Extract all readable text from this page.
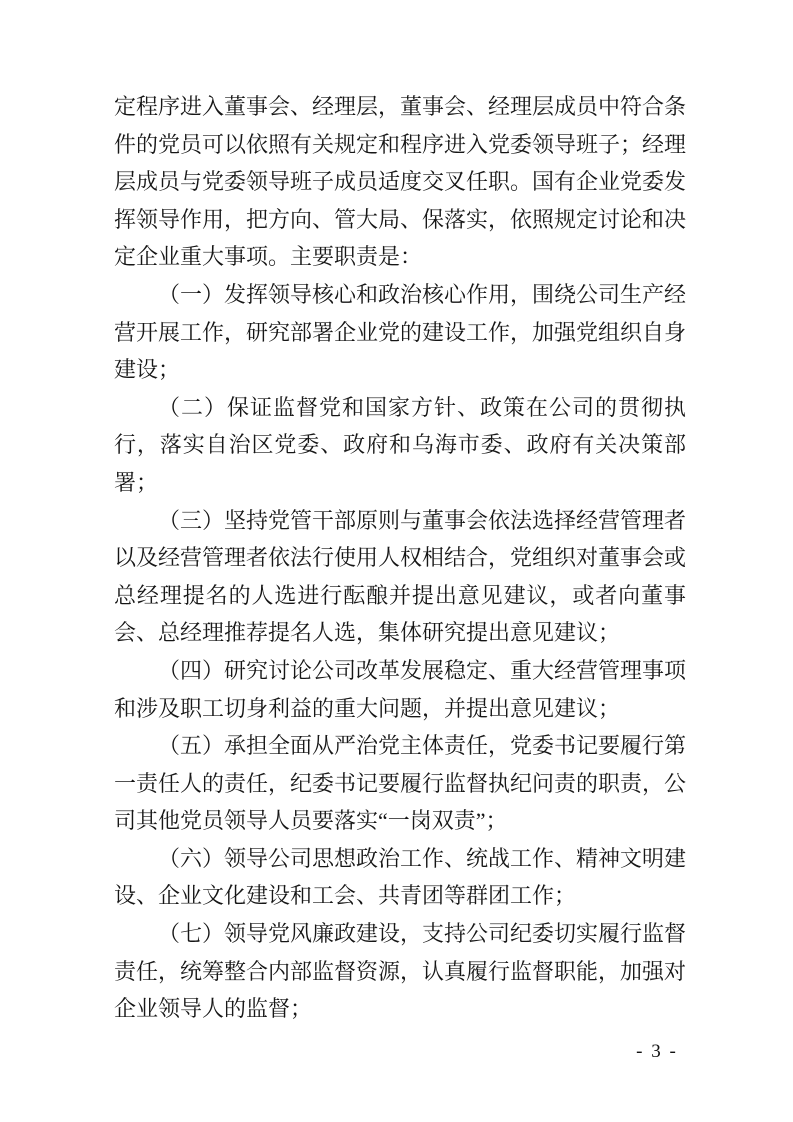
定程序进入董事会、经理层，董事会、经理层成员中符合条件的党员可以依照有关规定和程序进入党委领导班子；经理层成员与党委领导班子成员适度交叉任职。国有企业党委发挥领导作用，把方向、管大局、保落实，依照规定讨论和决定企业重大事项。主要职责是：

（一）发挥领导核心和政治核心作用，围绕公司生产经营开展工作，研究部署企业党的建设工作，加强党组织自身建设；

（二）保证监督党和国家方针、政策在公司的贯彻执行，落实自治区党委、政府和乌海市委、政府有关决策部署；

（三）坚持党管干部原则与董事会依法选择经营管理者以及经营管理者依法行使用人权相结合，党组织对董事会或总经理提名的人选进行酝酿并提出意见建议，或者向董事会、总经理推荐提名人选，集体研究提出意见建议；

（四）研究讨论公司改革发展稳定、重大经营管理事项和涉及职工切身利益的重大问题，并提出意见建议；

（五）承担全面从严治党主体责任，党委书记要履行第一责任人的责任，纪委书记要履行监督执纪问责的职责，公司其他党员领导人员要落实“一岗双责”；

（六）领导公司思想政治工作、统战工作、精神文明建设、企业文化建设和工会、共青团等群团工作；

（七）领导党风廉政建设，支持公司纪委切实履行监督责任，统筹整合内部监督资源，认真履行监督职能，加强对企业领导人的监督；

- 3 -
